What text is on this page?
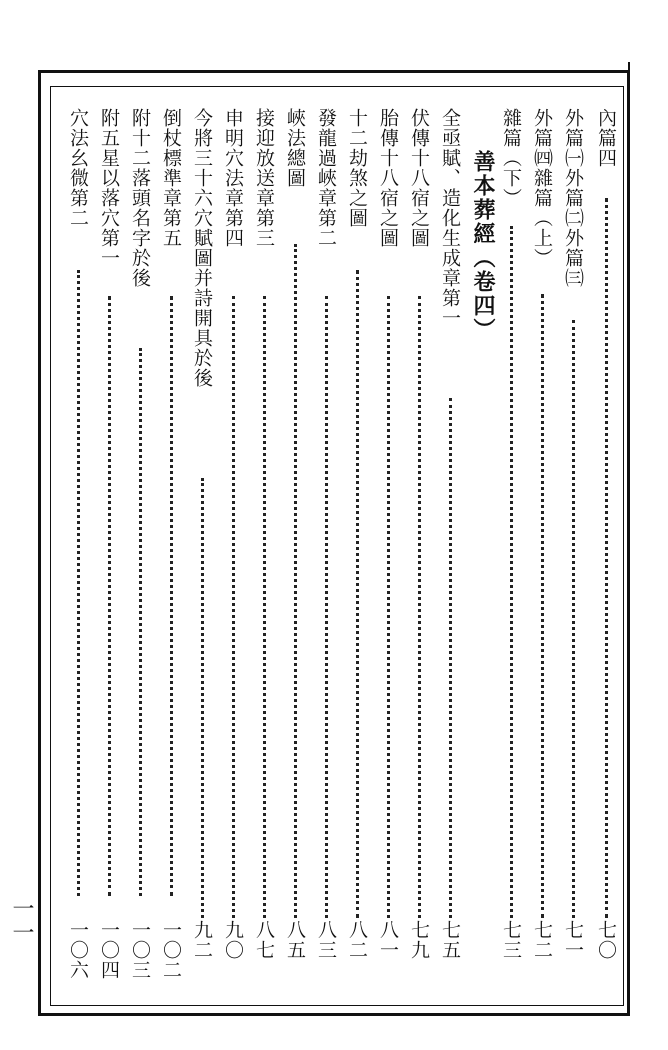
一一
善本葬經（卷四）
內篇四
七〇
外篇㈠外篇㈡外篇㈢
七一
外篇㈣雜篇（上）
七二
雜篇（下）
七三
全亟賦、造化生成章第一
七五
伏傳十八宿之圖
七九
胎傳十八宿之圖
八一
十二劫煞之圖
八二
發龍過峽章第二
八三
峽法總圖
八五
接迎放送章第三
八七
申明穴法章第四
九〇
今將三十六穴賦圖并詩開具於後
九二
倒杖標準章第五
一〇二
附十二落頭名字於後
一〇三
附五星以落穴第一
一〇四
穴法幺微第二
一〇六
